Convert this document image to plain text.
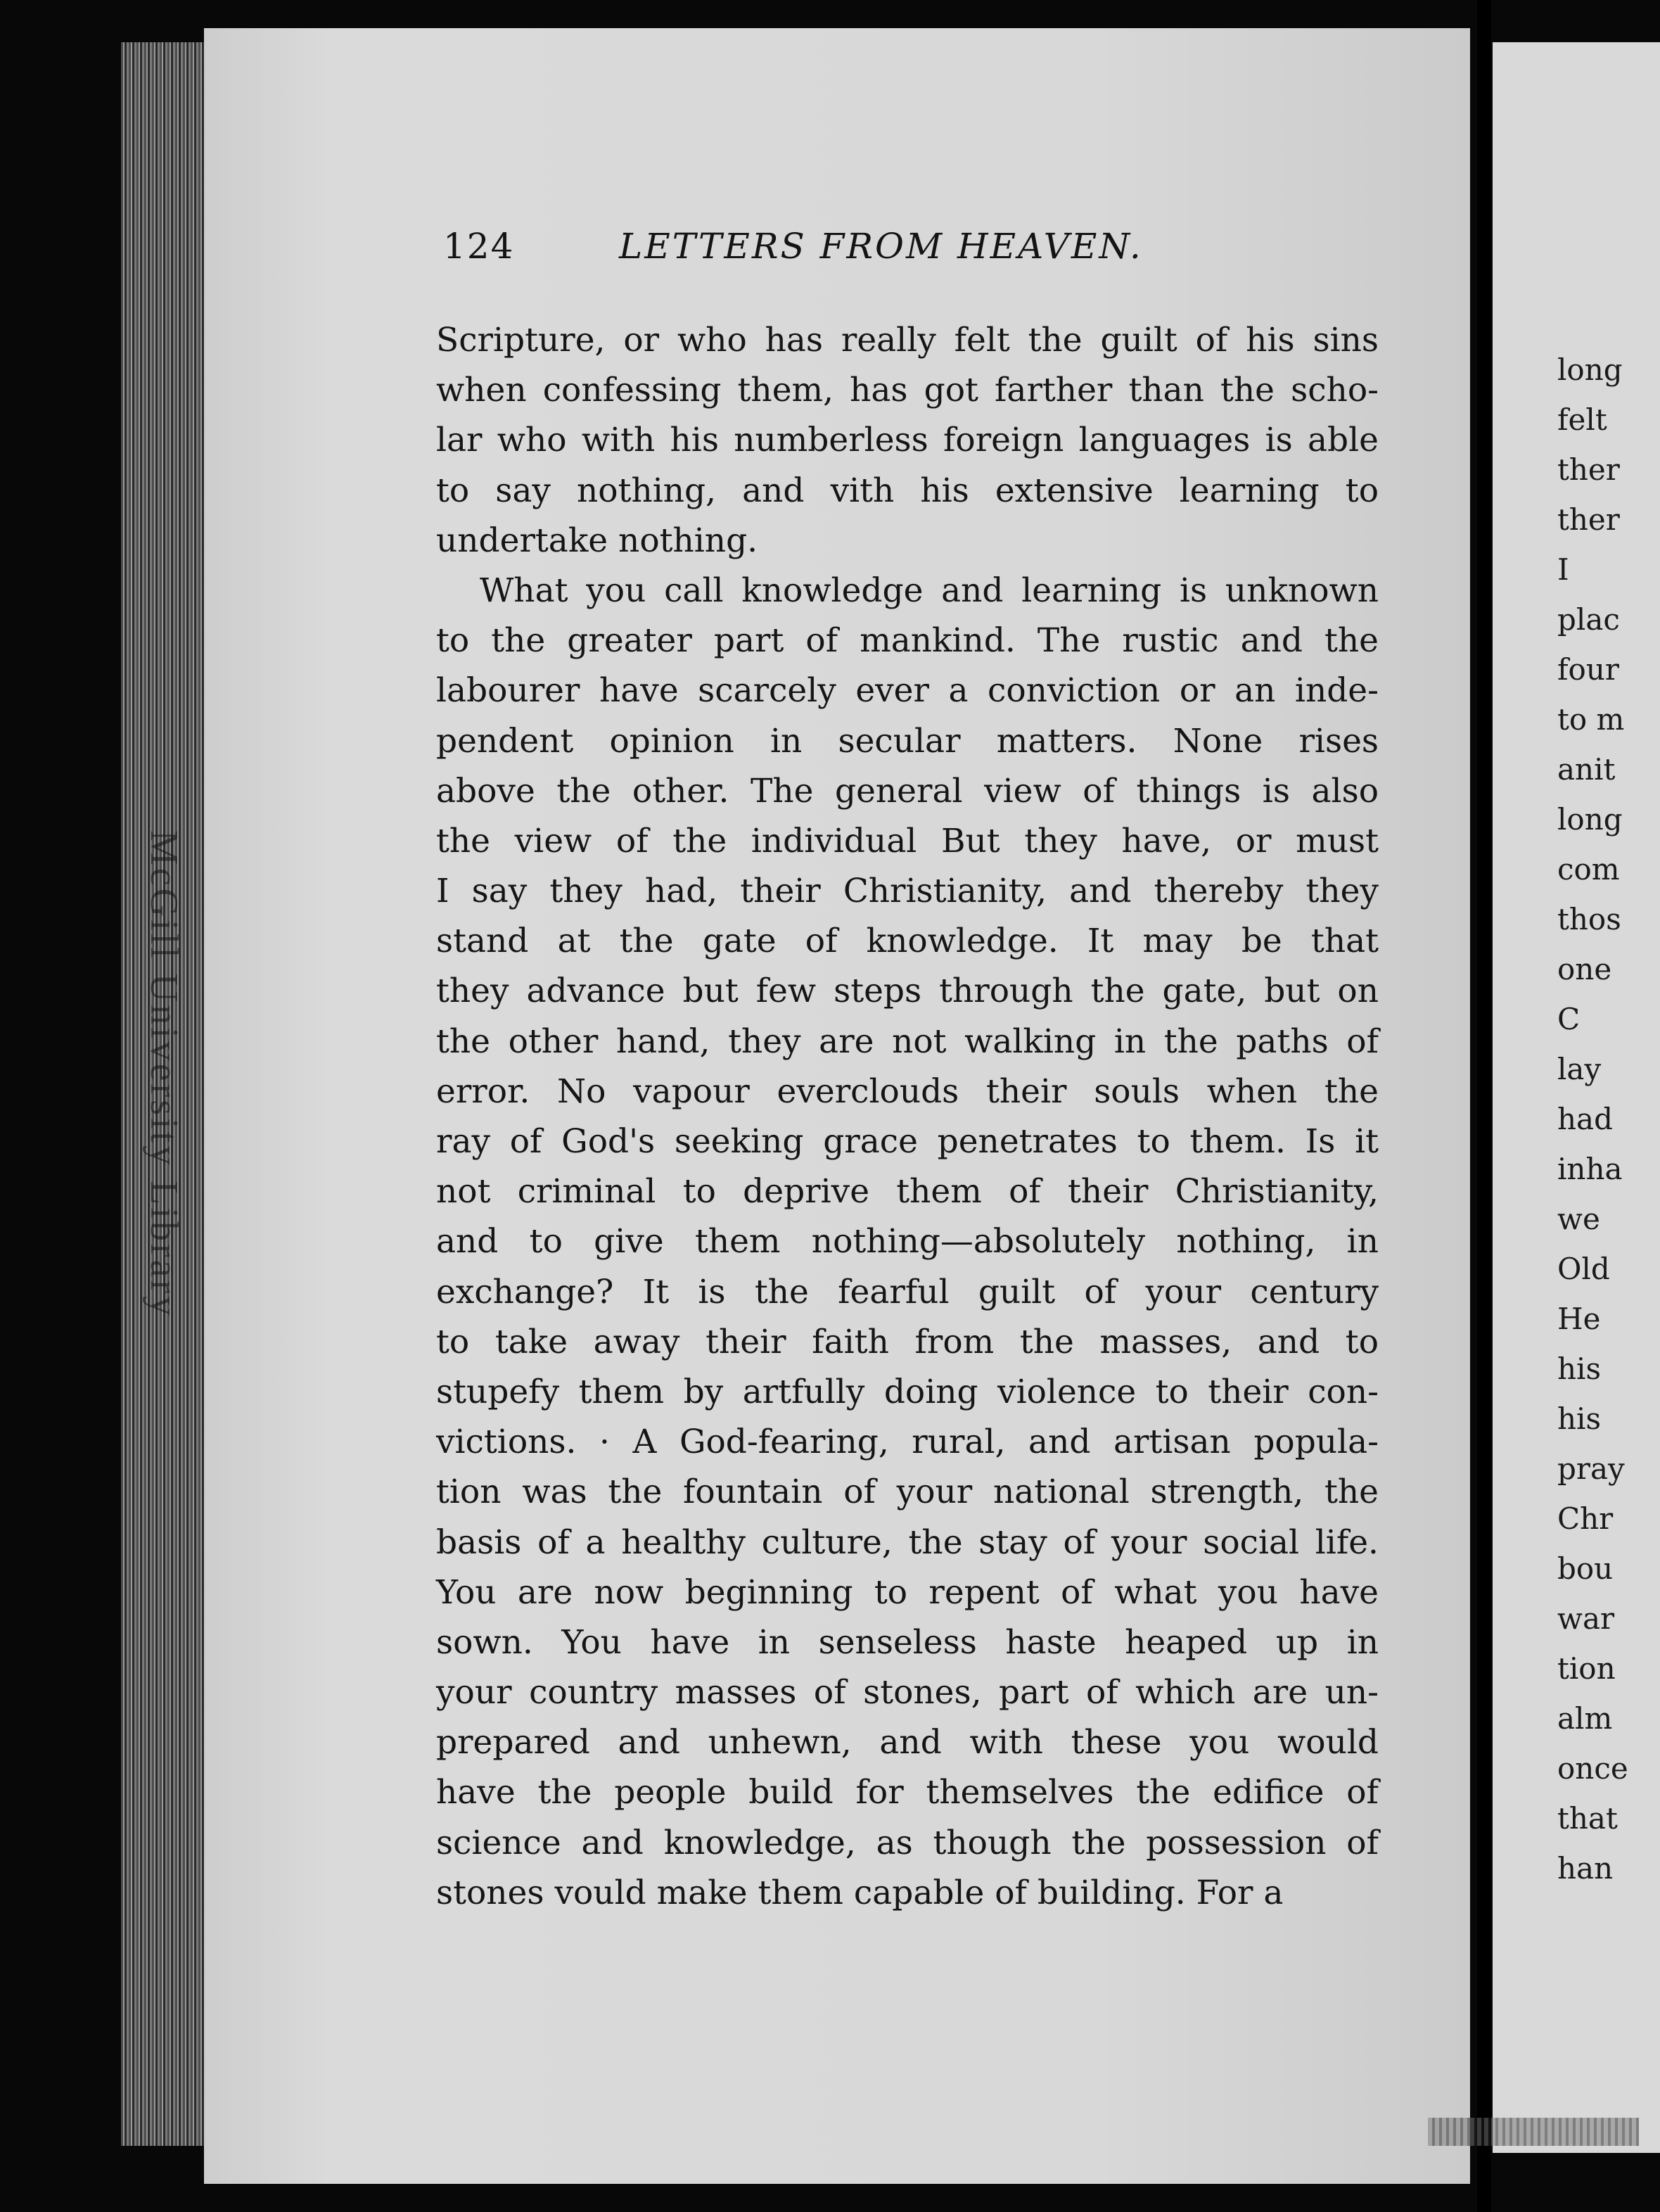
McGill University Library
124	LETTERS FROM HEAVEN.
Scripture, or who has really felt the guilt of his sins
when confessing them, has got farther than the scho-
lar who with his numberless foreign languages is able
to say nothing, and vith his extensive learning to
undertake nothing.
What you call knowledge and learning is unknown
to the greater part of mankind. The rustic and the
labourer have scarcely ever a conviction or an inde-
pendent opinion in secular matters. None rises
above the other. The general view of things is also
the view of the individual But they have, or must
I say they had, their Christianity, and thereby they
stand at the gate of knowledge. It may be that
they advance but few steps through the gate, but on
the other hand, they are not walking in the paths of
error. No vapour everclouds their souls when the
ray of God's seeking grace penetrates to them. Is it
not criminal to deprive them of their Christianity,
and to give them nothing—absolutely nothing, in
exchange? It is the fearful guilt of your century
to take away their faith from the masses, and to
stupefy them by artfully doing violence to their con-
victions. · A God-fearing, rural, and artisan popula-
tion was the fountain of your national strength, the
basis of a healthy culture, the stay of your social life.
You are now beginning to repent of what you have
sown. You have in senseless haste heaped up in
your country masses of stones, part of which are un-
prepared and unhewn, and with these you would
have the people build for themselves the edifice of
science and knowledge, as though the possession of
stones vould make them capable of building. For a
long
felt
ther
ther
I
plac
four
to m
anit
long
com
thos
one
C
lay
had
inha
we
Old
He
his
his
pray
Chr
bou
war
tion
alm
once
that
han
